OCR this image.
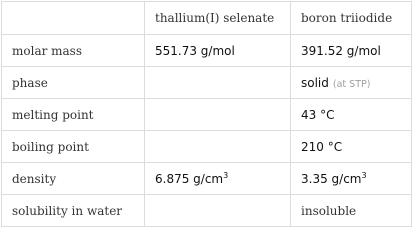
	thallium(I) selenate	boron triiodide
molar mass	551.73 g/mol	391.52 g/mol
phase		solid (at STP)
melting point		43 °C
boiling point		210 °C
density	6.875 $g/cm^3$	3.35 $g/cm^3$
solubility in water		insoluble
